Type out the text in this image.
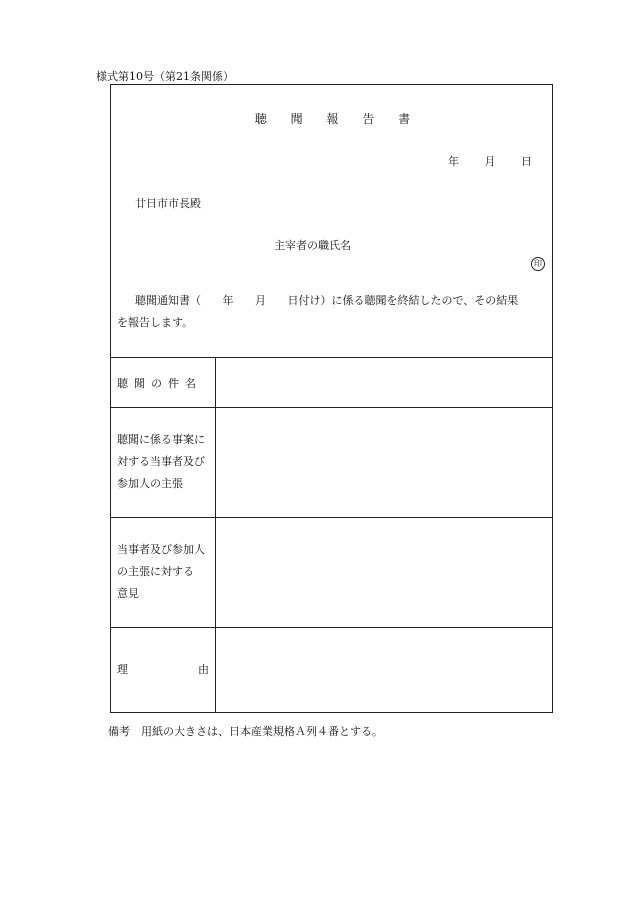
様式第10号（第21条関係）
聴 聞 報 告 書
年 月 日
廿日市市長殿
主宰者の職氏名
印
聴聞通知書（ 年 月 日付け）に係る聴聞を終結したので、その結果
を報告します。
聴聞の件名
聴聞に係る事案に
対する当事者及び
参加人の主張
当事者及び参加人
の主張に対する
意見
理	由
備考　用紙の大きさは、日本産業規格Ａ列４番とする。
